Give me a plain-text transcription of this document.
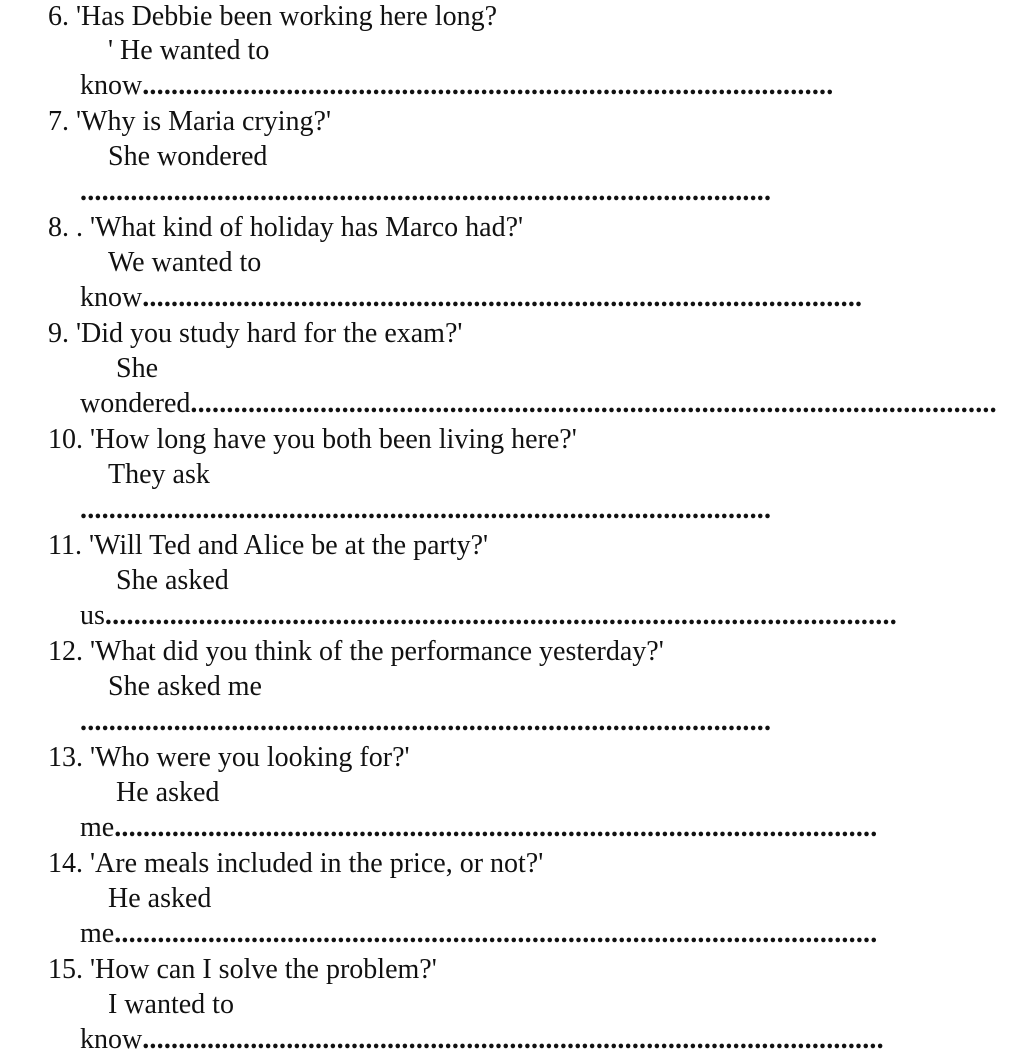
6. 'Has Debbie been working here long?
' He wanted to
know................................................................................................
7. 'Why is Maria crying?'
She wondered
................................................................................................
8. . 'What kind of holiday has Marco had?'
We wanted to
know....................................................................................................
9. 'Did you study hard for the exam?'
She
wondered................................................................................................................
10. 'How long have you both been living here?'
They ask
................................................................................................
11. 'Will Ted and Alice be at the party?'
She asked
us..............................................................................................................
12. 'What did you think of the performance yesterday?'
She asked me
................................................................................................
13. 'Who were you looking for?'
He asked
me..........................................................................................................
14. 'Are meals included in the price, or not?'
He asked
me..........................................................................................................
15. 'How can I solve the problem?'
I wanted to
know.......................................................................................................
